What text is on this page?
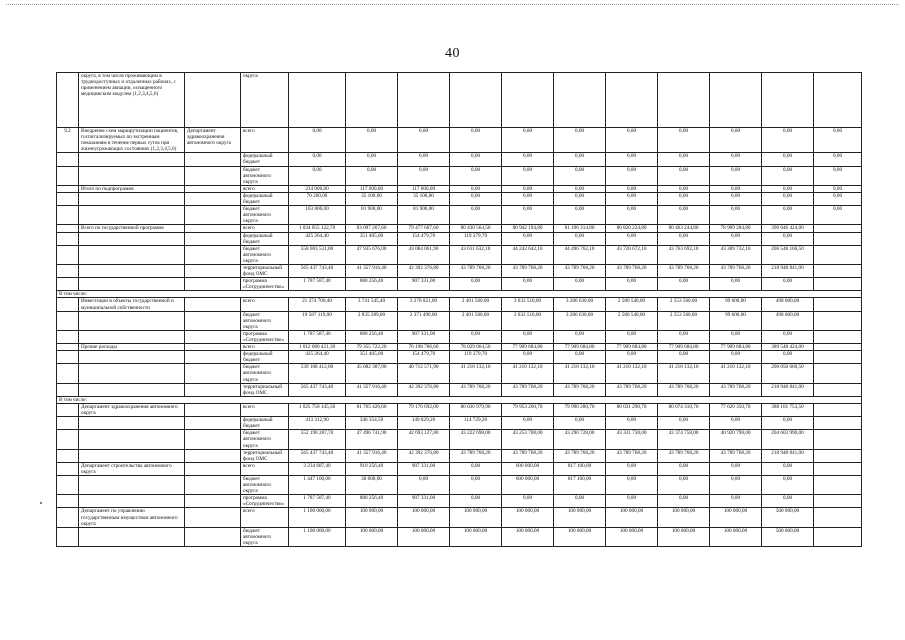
40
	округа, в том числе проживающим в труднодоступных и отдаленных районах, с применением авиации, оснащенного медицинским модулем (1,2,3,4,5,6)		округа											
9.2	Внедрение схем маршрутизации пациентов, госпитализируемых по экстренным показаниям в течение первых суток при жизнеугрожающих состояниях (1,2,3,4,5,6)	Департамент здравоохранения автономного округа	всего	0,00	0,00	0,00	0,00	0,00	0,00	0,00	0,00	0,00	0,00	0,00
			федеральный бюджет	0,00	0,00	0,00	0,00	0,00	0,00	0,00	0,00	0,00	0,00	0,00
			бюджет автономного округа	0,00	0,00	0,00	0,00	0,00	0,00	0,00	0,00	0,00	0,00	0,00
	Итого по подпрограмме		всего	234 000,00	117 000,00	117 000,00	0,00	0,00	0,00	0,00	0,00	0,00	0,00	0,00
			федеральный бюджет	70 200,00	35 100,00	35 100,00	0,00	0,00	0,00	0,00	0,00	0,00	0,00	0,00
			бюджет автономного округа	163 800,00	81 900,00	81 900,00	0,00	0,00	0,00	0,00	0,00	0,00	0,00	0,00
	Всего по государственной программе		всего	1 034 055 122,70	83 097 267,60	79 477 607,60	80 430 564,50	80 942 194,80	81 196 314,80	80 820 224,80	80 463 244,80	78 909 284,80	390 046 424,00	
			федеральный бюджет	425 264,40	351 405,00	154 479,70	119 379,70	0,00	0,00	0,00	0,00	0,00	0,00	
			бюджет автономного округа	558 003 531,00	47 935 676,00	43 084 061,90	43 611 632,10	44 242 642,10	44 496 762,10	43 720 672,10	43 763 692,10	43 309 732,10	206 548 160,50	
			территориальный фонд ОМС	565 437 743,40	41 357 916,40	42 392 376,80	43 789 768,20	43 789 768,20	43 789 768,20	43 789 768,20	43 789 768,20	43 789 768,20	218 948 841,00	
			программа «Сотрудничество»	1 787 587,40	880 256,40	907 331,00	0,00	0,00	0,00	0,00	0,00	0,00	0,00	
В том числе:														
	Инвестиции в объекты государственной и муниципальной собственности		всего	21 374 706,40	3 741 545,40	3 278 821,00	2 401 500,00	3 032 510,00	3 286 630,00	2 580 540,00	2 553 560,00	99 600,00	498 000,00	
			бюджет автономного округа	19 587 119,00	2 835 289,00	2 371 490,00	2 401 500,00	3 032 510,00	3 286 630,00	2 580 540,00	2 553 560,00	99 600,00	498 000,00	
			программа «Сотрудничество»	1 787 587,40	880 256,40	907 331,00	0,00	0,00	0,00	0,00	0,00	0,00	0,00	
	Прочие расходы		всего	1 012 680 421,30	79 355 722,20	76 198 786,60	78 029 064,50	77 909 684,80	77 909 684,80	77 909 684,80	77 909 684,80	77 909 684,80	389 548 424,00	
			федеральный бюджет	425 264,40	351 405,00	154 479,70	119 379,70	0,00	0,00	0,00	0,00	0,00	0,00	
			бюджет автономного округа	539 108 412,00	45 082 387,00	40 712 571,90	41 210 132,10	41 210 132,10	41 210 132,10	41 210 132,10	41 210 132,10	41 210 132,10	206 050 660,50	
			территориальный фонд ОМС	565 437 743,40	41 357 916,40	42 392 376,80	43 789 768,20	43 789 768,20	43 789 768,20	43 789 768,20	43 789 768,20	43 789 768,20	218 948 841,00	
В том числе:														
	Департамент здравоохранения автономного округа		всего	1 025 750 145,50	81 765 426,60	79 176 692,00	80 036 979,90	79 953 260,70	79 990 280,70	80 031 290,70	80 074 310,70	77 620 350,70	388 101 753,50	
			федеральный бюджет	413 312,90	346 354,50	149 829,20	114 729,20	0,00	0,00	0,00	0,00	0,00	0,00	
			бюджет автономного округа	552 190 287,70	47 496 741,90	42 693 127,80	43 222 698,00	43 253 708,00	43 290 728,00	43 331 738,00	43 374 758,00	40 920 798,00	204 603 990,00	
			территориальный фонд ОМС	565 437 743,40	41 357 916,40	42 392 376,80	43 789 768,20	43 789 768,20	43 789 768,20	43 789 768,20	43 789 768,20	43 789 768,20	218 948 841,00	
	Департамент строительства автономного округа		всего	3 234 687,40	910 256,40	907 331,00	0,00	600 000,00	817 100,00	0,00	0,00	0,00	0,00	
			бюджет автономного округа	1 447 100,00	30 000,00	0,00	0,00	600 000,00	817 100,00	0,00	0,00	0,00	0,00	
			программа «Сотрудничество»	1 787 587,40	880 256,40	907 331,00	0,00	0,00	0,00	0,00	0,00	0,00	0,00	
	Департамент по управлению государственным имуществом автономного округа		всего	1 100 000,00	100 000,00	100 000,00	100 000,00	100 000,00	100 000,00	100 000,00	100 000,00	100 000,00	500 000,00	
			бюджет автономного округа	1 100 000,00	100 000,00	100 000,00	100 000,00	100 000,00	100 000,00	100 000,00	100 000,00	100 000,00	500 000,00	
